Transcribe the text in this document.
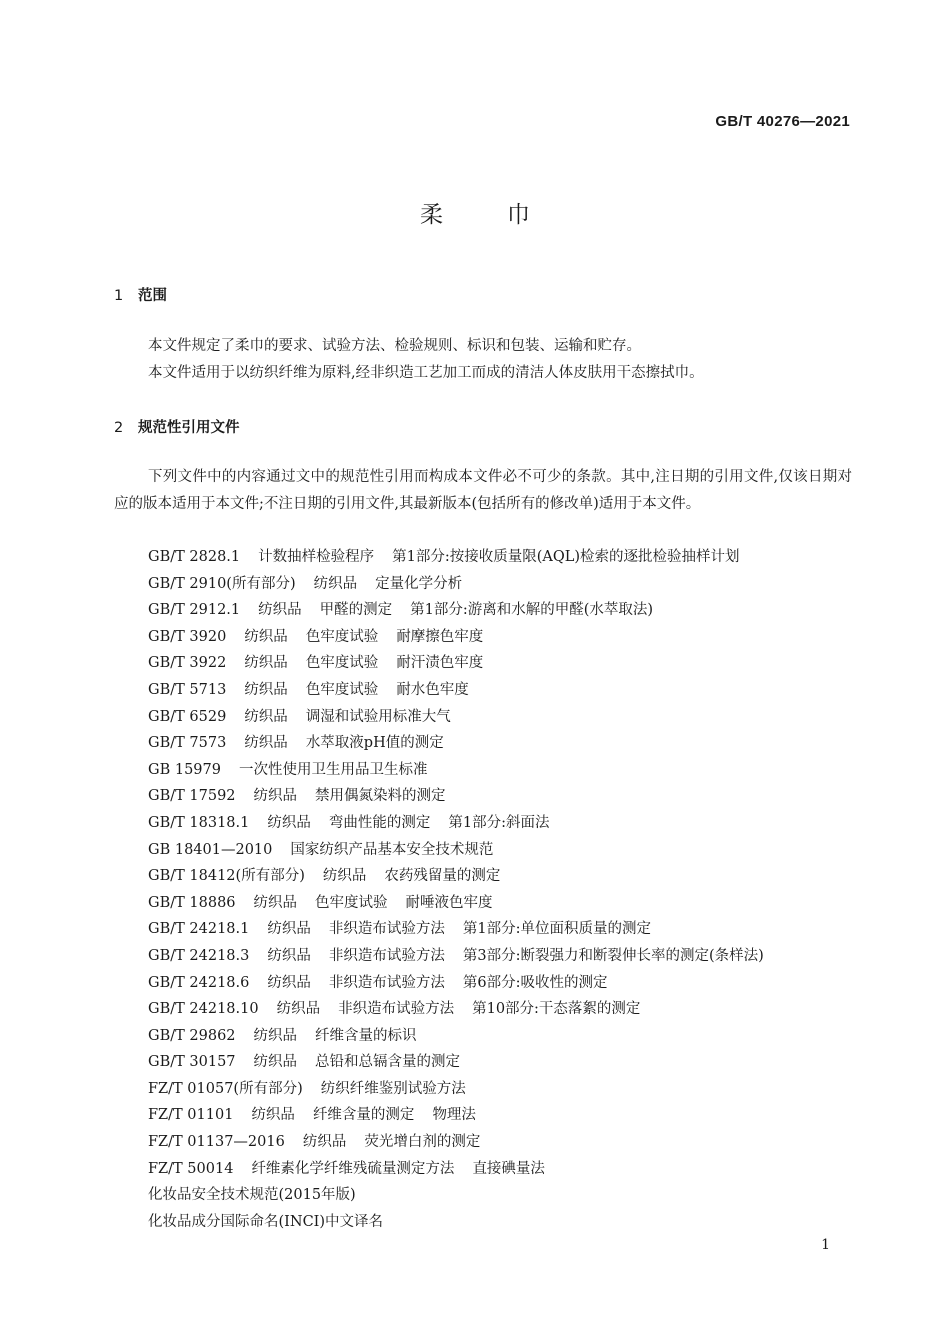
GB/T 40276—2021
柔巾
1 范围

本文件规定了柔巾的要求、试验方法、检验规则、标识和包装、运输和贮存。

本文件适用于以纺织纤维为原料,经非织造工艺加工而成的清洁人体皮肤用干态擦拭巾。

2 规范性引用文件

下列文件中的内容通过文中的规范性引用而构成本文件必不可少的条款。其中,注日期的引用文件,仅该日期对应的版本适用于本文件;不注日期的引用文件,其最新版本(包括所有的修改单)适用于本文件。

GB/T 2828.1 计数抽样检验程序 第1部分:按接收质量限(AQL)检索的逐批检验抽样计划
GB/T 2910(所有部分) 纺织品 定量化学分析
GB/T 2912.1 纺织品 甲醛的测定 第1部分:游离和水解的甲醛(水萃取法)
GB/T 3920 纺织品 色牢度试验 耐摩擦色牢度
GB/T 3922 纺织品 色牢度试验 耐汗渍色牢度
GB/T 5713 纺织品 色牢度试验 耐水色牢度
GB/T 6529 纺织品 调湿和试验用标准大气
GB/T 7573 纺织品 水萃取液pH值的测定
GB 15979 一次性使用卫生用品卫生标准
GB/T 17592 纺织品 禁用偶氮染料的测定
GB/T 18318.1 纺织品 弯曲性能的测定 第1部分:斜面法
GB 18401—2010 国家纺织产品基本安全技术规范
GB/T 18412(所有部分) 纺织品 农药残留量的测定
GB/T 18886 纺织品 色牢度试验 耐唾液色牢度
GB/T 24218.1 纺织品 非织造布试验方法 第1部分:单位面积质量的测定
GB/T 24218.3 纺织品 非织造布试验方法 第3部分:断裂强力和断裂伸长率的测定(条样法)
GB/T 24218.6 纺织品 非织造布试验方法 第6部分:吸收性的测定
GB/T 24218.10 纺织品 非织造布试验方法 第10部分:干态落絮的测定
GB/T 29862 纺织品 纤维含量的标识
GB/T 30157 纺织品 总铅和总镉含量的测定
FZ/T 01057(所有部分) 纺织纤维鉴别试验方法
FZ/T 01101 纺织品 纤维含量的测定 物理法
FZ/T 01137—2016 纺织品 荧光增白剂的测定
FZ/T 50014 纤维素化学纤维残硫量测定方法 直接碘量法
化妆品安全技术规范(2015年版)
化妆品成分国际命名(INCI)中文译名
1
